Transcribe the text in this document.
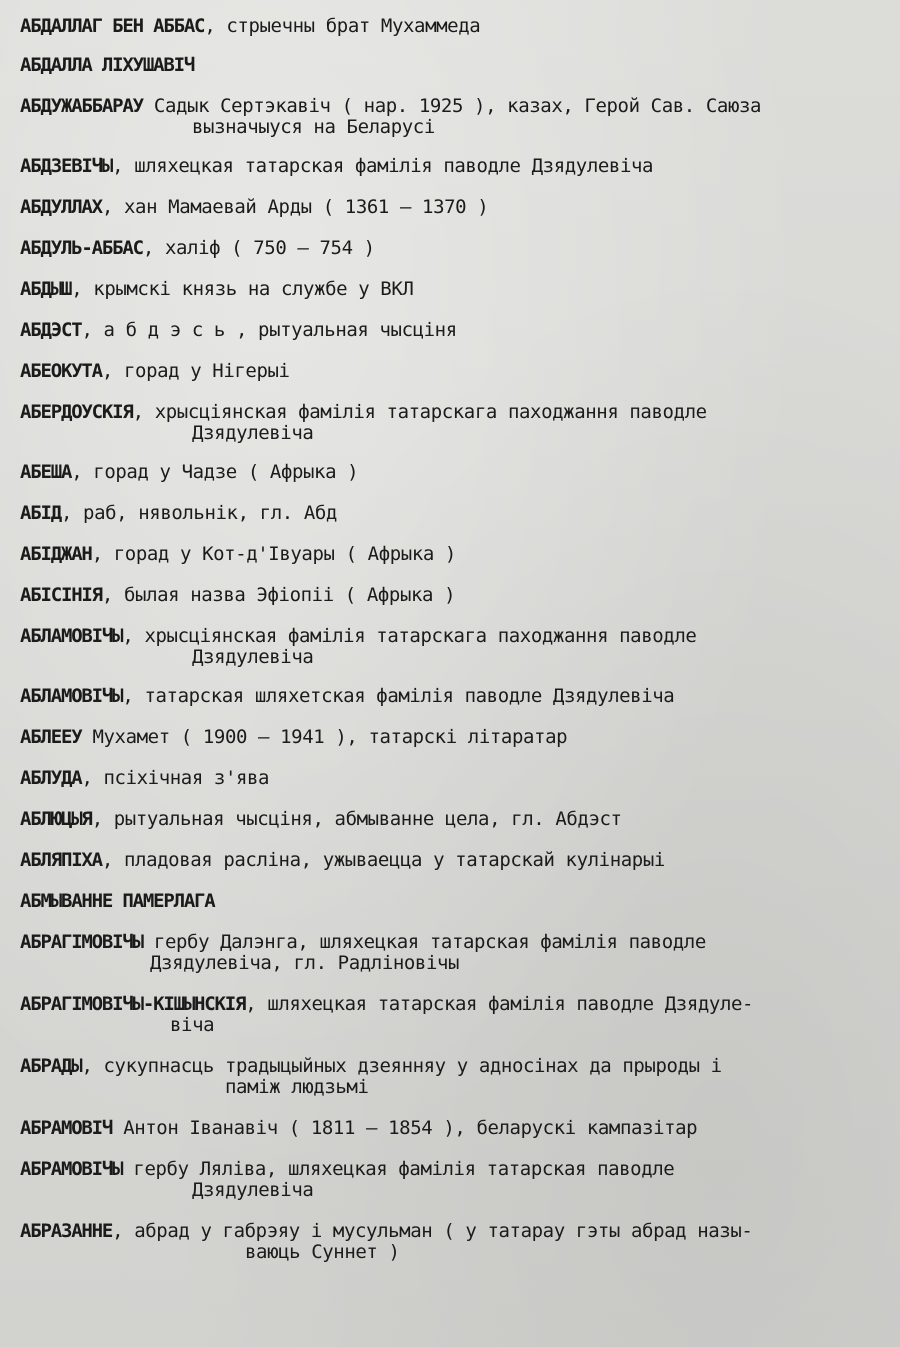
АБДАЛЛАГ БЕН АББАС, стрыечны брат Мухаммеда
АБДАЛЛА ЛІХУШАВІЧ
АБДУЖАББАРАУ Садык Сертэкавіч ( нар. 1925 ), казах, Герой Сав. Саюза
вызначыуся на Беларусі
АБДЗЕВІЧЫ, шляхецкая татарская фамілія паводле Дзядулевіча
АБДУЛЛАХ, хан Мамаевай Арды ( 1361 — 1370 )
АБДУЛЬ-АББАС, халіф ( 750 — 754 )
АБДЫШ, крымскі князь на службе у ВКЛ
АБДЭСТ, а б д э с ь , рытуальная чысціня
АБЕОКУТА, горад у Нігерыі
АБЕРДОУСКІЯ, хрысціянская фамілія татарскага паходжання паводле
Дзядулевіча
АБЕША, горад у Чадзе ( Афрыка )
АБІД, раб, нявольнік, гл. Абд
АБІДЖАН, горад у Кот-д'Івуары ( Афрыка )
АБІСІНІЯ, былая назва Эфіопіі ( Афрыка )
АБЛАМОВІЧЫ, хрысціянская фамілія татарскага паходжання паводле
Дзядулевіча
АБЛАМОВІЧЫ, татарская шляхетская фамілія паводле Дзядулевіча
АБЛЕЕУ Мухамет ( 1900 — 1941 ), татарскі літаратар
АБЛУДА, псіхічная з'ява
АБЛЮЦЫЯ, рытуальная чысціня, абмыванне цела, гл. Абдэст
АБЛЯПІХА, пладовая расліна, ужываецца у татарскай кулінарыі
АБМЫВАННЕ ПАМЕРЛАГА
АБРАГІМОВІЧЫ гербу Далэнга, шляхецкая татарская фамілія паводле
Дзядулевіча, гл. Радліновічы
АБРАГІМОВІЧЫ-КІШЫНСКІЯ, шляхецкая татарская фамілія паводле Дзядуле-
віча
АБРАДЫ, сукупнасць традыцыйных дзеянняу у адносінах да прыроды і
паміж людзьмі
АБРАМОВІЧ Антон Іванавіч ( 1811 — 1854 ), беларускі кампазітар
АБРАМОВІЧЫ гербу Ляліва, шляхецкая фамілія татарская паводле
Дзядулевіча
АБРАЗАННЕ, абрад у габрэяу і мусульман ( у татарау гэты абрад назы-
ваюць Суннет )
